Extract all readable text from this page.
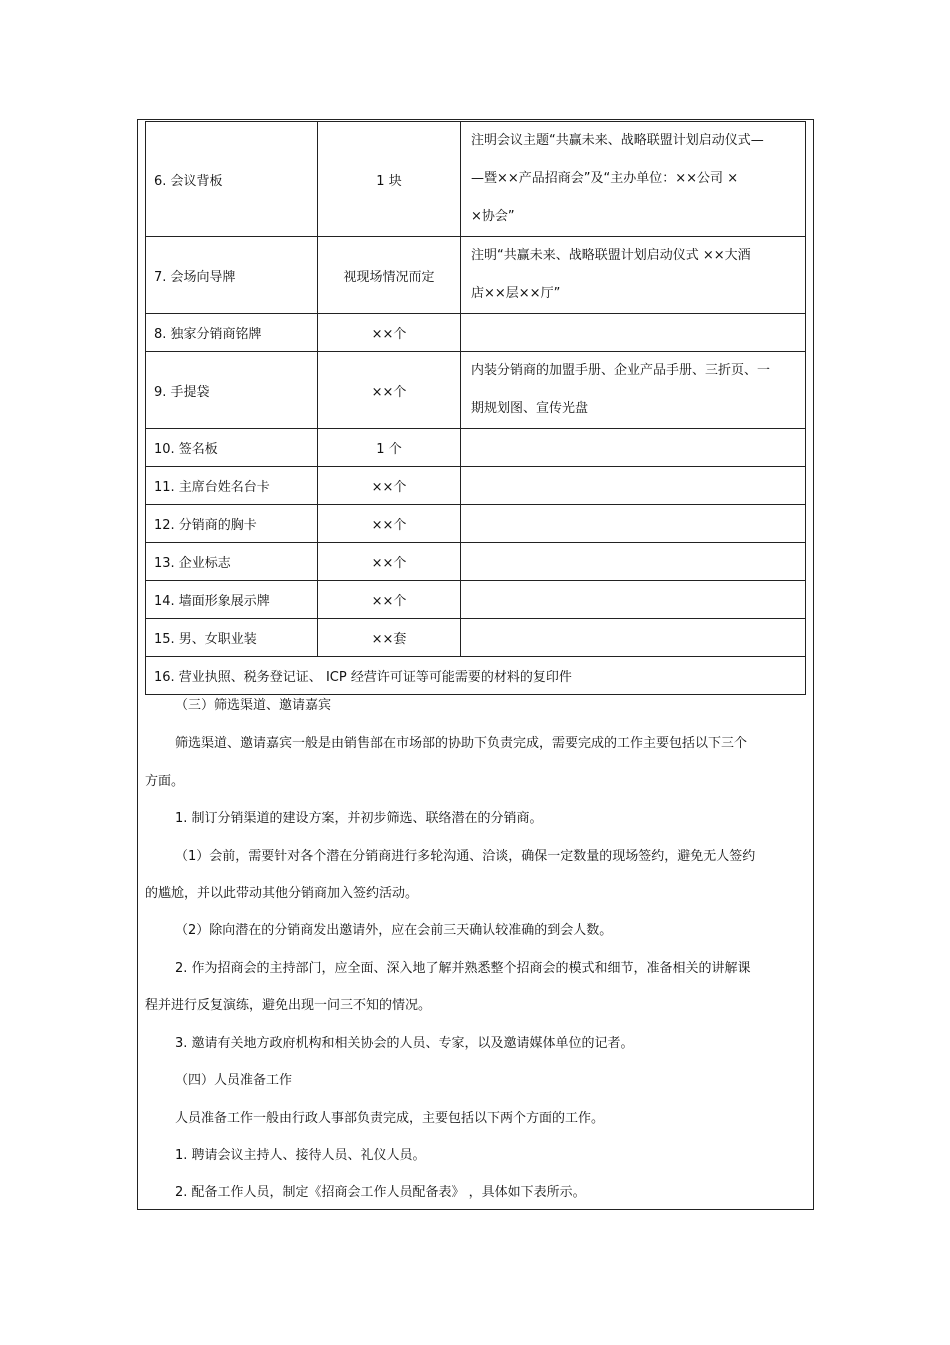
6. 会议背板	1 块	注明会议主题“共赢未来、战略联盟计划启动仪式—
—暨××产品招商会”及“主办单位：××公司 ×
×协会”

7. 会场向导牌	视现场情况而定	注明“共赢未来、战略联盟计划启动仪式 ××大酒
店××层××厅”

8. 独家分销商铭牌	××个	
9. 手提袋	××个	内装分销商的加盟手册、企业产品手册、三折页、一
期规划图、宣传光盘

10. 签名板	1 个	
11. 主席台姓名台卡	××个	
12. 分销商的胸卡	××个	
13. 企业标志	××个	
14. 墙面形象展示牌	××个	
15. 男、女职业装	××套	
16. 营业执照、税务登记证、 ICP 经营许可证等可能需要的材料的复印件		
（三）筛选渠道、邀请嘉宾
筛选渠道、邀请嘉宾一般是由销售部在市场部的协助下负责完成，需要完成的工作主要包括以下三个
方面。
1. 制订分销渠道的建设方案，并初步筛选、联络潜在的分销商。
（1）会前，需要针对各个潜在分销商进行多轮沟通、洽谈，确保一定数量的现场签约，避免无人签约
的尴尬，并以此带动其他分销商加入签约活动。
（2）除向潜在的分销商发出邀请外，应在会前三天确认较准确的到会人数。
2. 作为招商会的主持部门，应全面、深入地了解并熟悉整个招商会的模式和细节，准备相关的讲解课
程并进行反复演练，避免出现一问三不知的情况。
3. 邀请有关地方政府机构和相关协会的人员、专家，以及邀请媒体单位的记者。
（四）人员准备工作
人员准备工作一般由行政人事部负责完成，主要包括以下两个方面的工作。
1. 聘请会议主持人、接待人员、礼仪人员。
2. 配备工作人员，制定《招商会工作人员配备表》 ，具体如下表所示。
